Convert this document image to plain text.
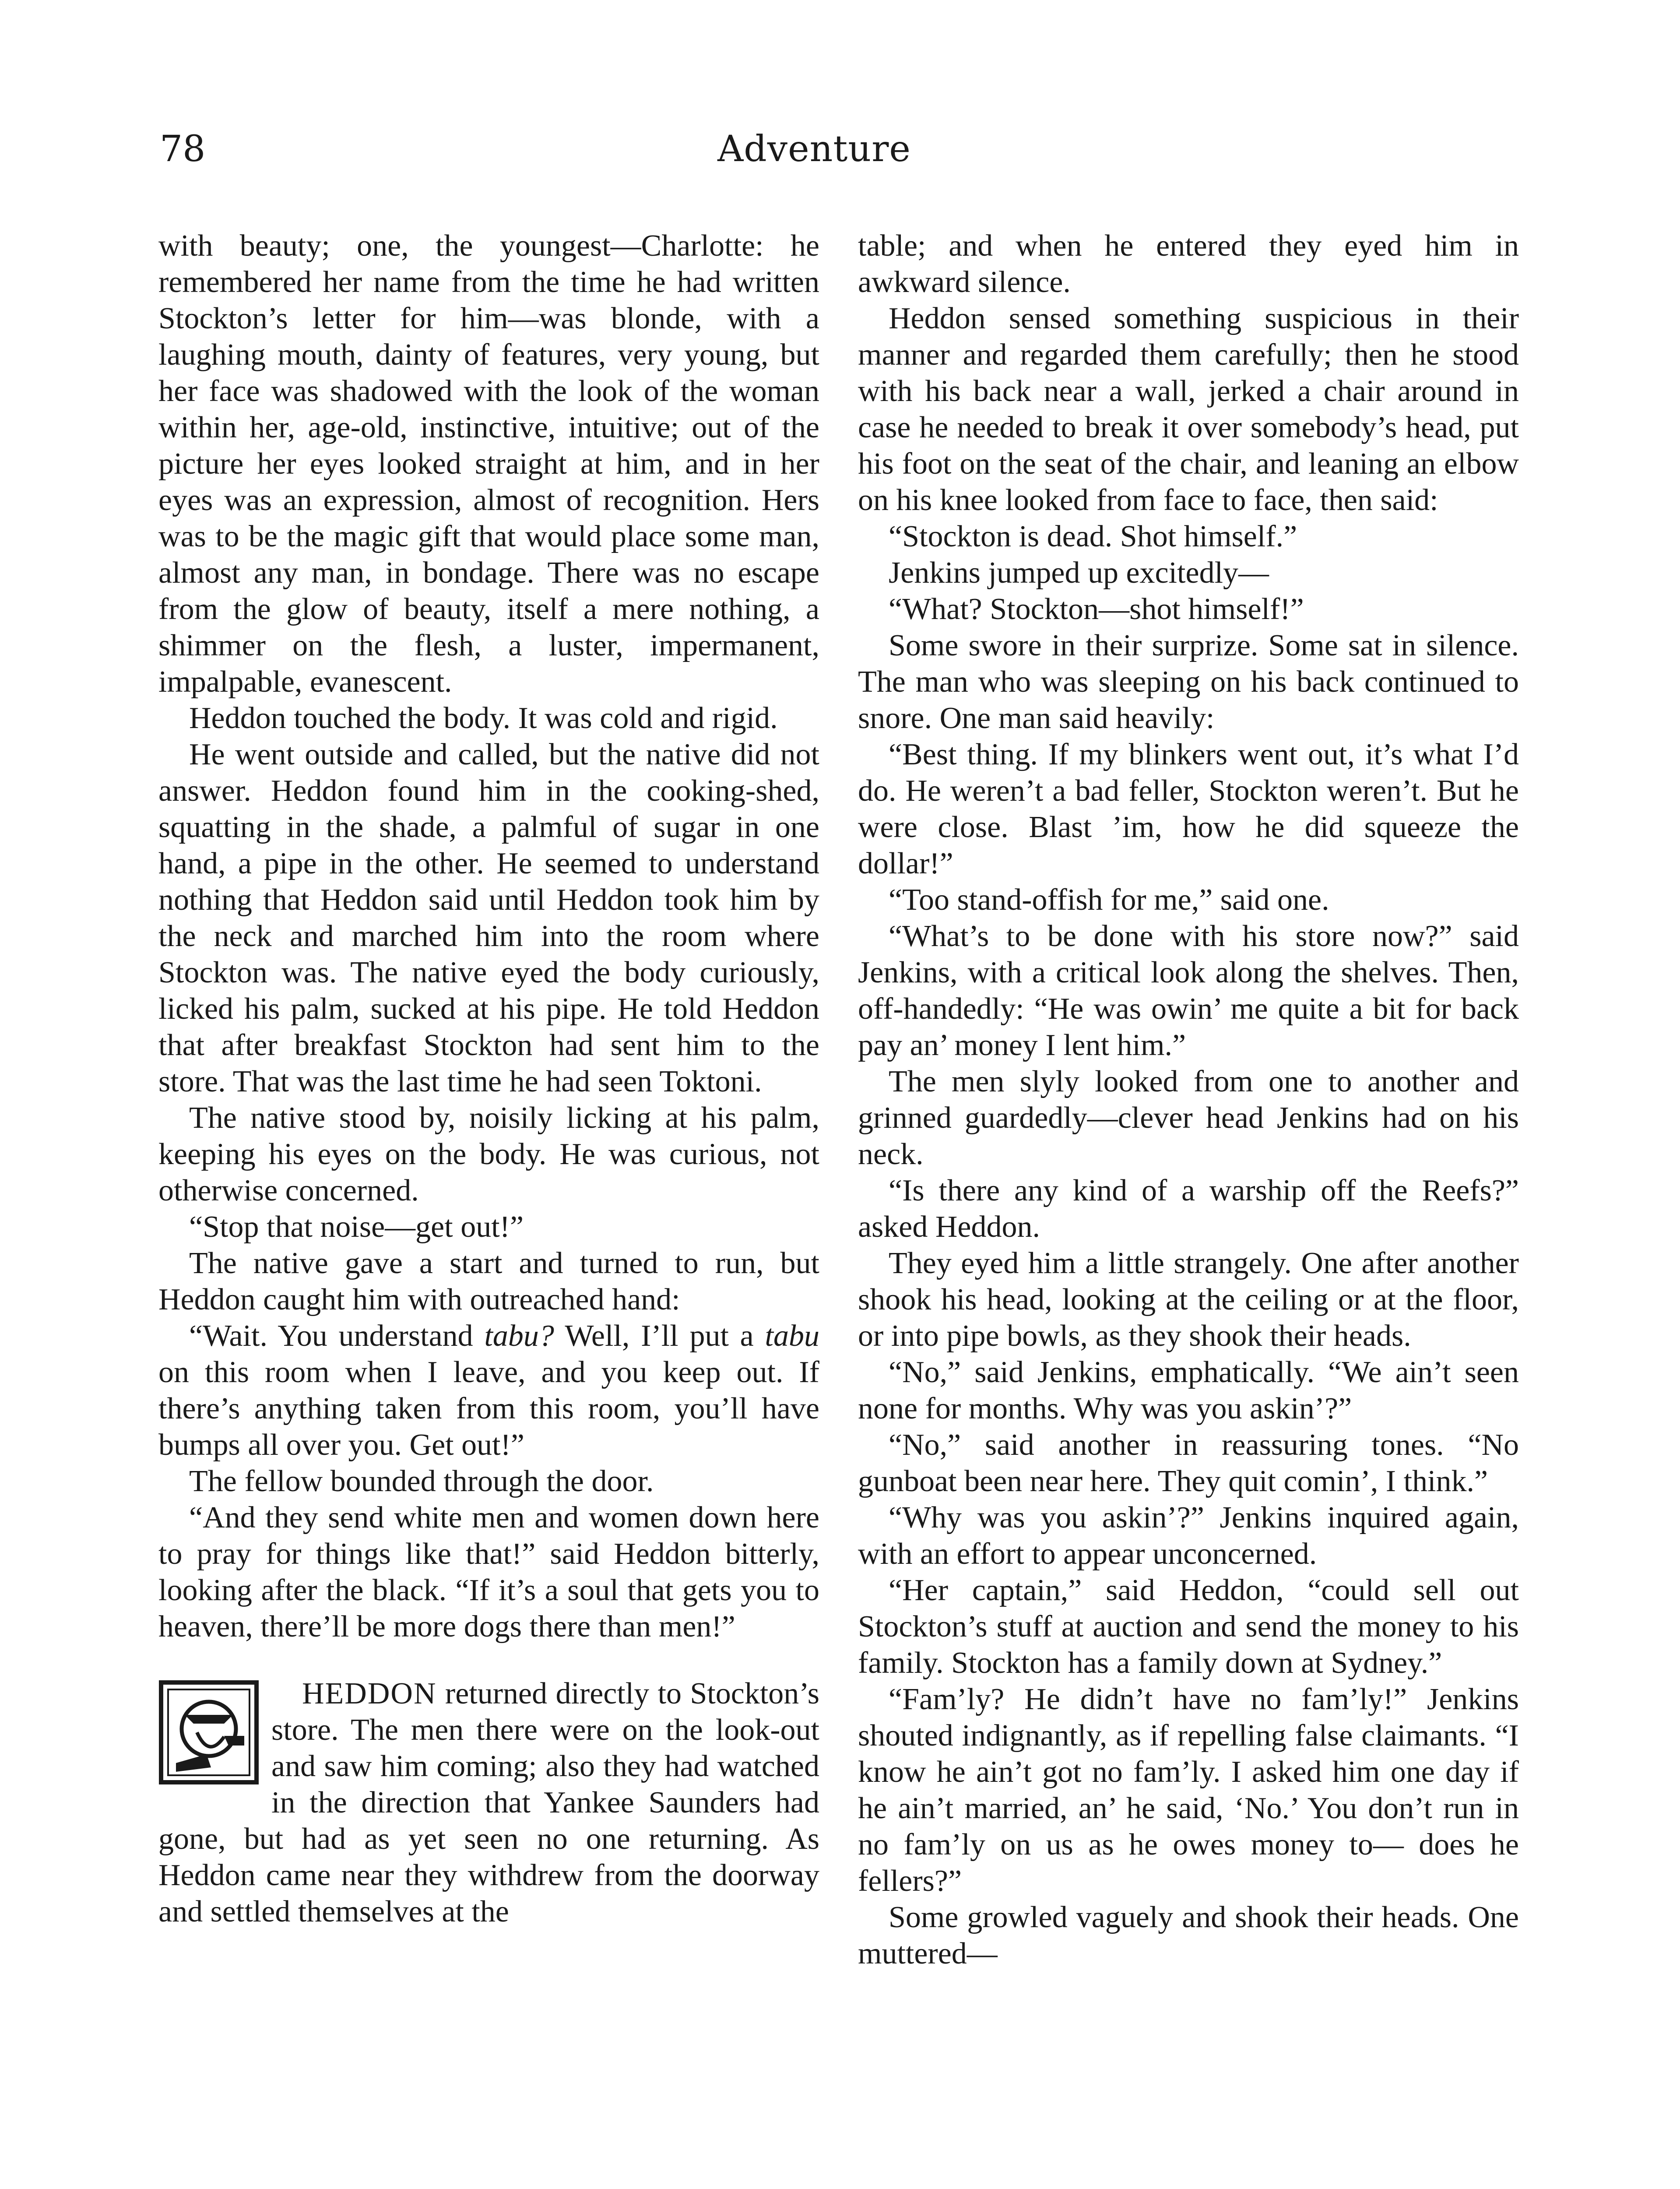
78	Adventure

with beauty; one, the youngest—Charlotte: he remembered her name from the time he had written Stockton’s letter for him—was blonde, with a laughing mouth, dainty of features, very young, but her face was shadowed with the look of the woman within her, age-old, instinctive, intuitive; out of the picture her eyes looked straight at him, and in her eyes was an expression, almost of recognition. Hers was to be the magic gift that would place some man, almost any man, in bondage. There was no escape from the glow of beauty, itself a mere nothing, a shimmer on the flesh, a luster, impermanent, impalpable, evanescent.

Heddon touched the body. It was cold and rigid.

He went outside and called, but the native did not answer. Heddon found him in the cooking-shed, squatting in the shade, a palmful of sugar in one hand, a pipe in the other. He seemed to understand nothing that Heddon said until Heddon took him by the neck and marched him into the room where Stockton was. The native eyed the body curiously, licked his palm, sucked at his pipe. He told Heddon that after breakfast Stockton had sent him to the store. That was the last time he had seen Toktoni.

The native stood by, noisily licking at his palm, keeping his eyes on the body. He was curious, not otherwise concerned.

“Stop that noise—get out!”

The native gave a start and turned to run, but Heddon caught him with outreached hand:

“Wait. You understand tabu? Well, I’ll put a tabu on this room when I leave, and you keep out. If there’s anything taken from this room, you’ll have bumps all over you. Get out!”

The fellow bounded through the door.

“And they send white men and women down here to pray for things like that!” said Heddon bitterly, looking after the black. “If it’s a soul that gets you to heaven, there’ll be more dogs there than men!”

HEDDON returned directly to Stockton’s store. The men there were on the look-out and saw him coming; also they had watched in the direction that Yankee Saunders had gone, but had as yet seen no one returning. As Heddon came near they withdrew from the doorway and settled themselves at the

table; and when he entered they eyed him in awkward silence.

Heddon sensed something suspicious in their manner and regarded them carefully; then he stood with his back near a wall, jerked a chair around in case he needed to break it over somebody’s head, put his foot on the seat of the chair, and leaning an elbow on his knee looked from face to face, then said:

“Stockton is dead. Shot himself.”

Jenkins jumped up excitedly—

“What? Stockton—shot himself!”

Some swore in their surprize. Some sat in silence. The man who was sleeping on his back continued to snore. One man said heavily:

“Best thing. If my blinkers went out, it’s what I’d do. He weren’t a bad feller, Stockton weren’t. But he were close. Blast ’im, how he did squeeze the dollar!”

“Too stand-offish for me,” said one.

“What’s to be done with his store now?” said Jenkins, with a critical look along the shelves. Then, off-handedly: “He was owin’ me quite a bit for back pay an’ money I lent him.”

The men slyly looked from one to another and grinned guardedly—clever head Jenkins had on his neck.

“Is there any kind of a warship off the Reefs?” asked Heddon.

They eyed him a little strangely. One after another shook his head, looking at the ceiling or at the floor, or into pipe bowls, as they shook their heads.

“No,” said Jenkins, emphatically. “We ain’t seen none for months. Why was you askin’?”

“No,” said another in reassuring tones. “No gunboat been near here. They quit comin’, I think.”

“Why was you askin’?” Jenkins inquired again, with an effort to appear unconcerned.

“Her captain,” said Heddon, “could sell out Stockton’s stuff at auction and send the money to his family. Stockton has a family down at Sydney.”

“Fam’ly? He didn’t have no fam’ly!” Jenkins shouted indignantly, as if repelling false claimants. “I know he ain’t got no fam’ly. I asked him one day if he ain’t married, an’ he said, ‘No.’ You don’t run in no fam’ly on us as he owes money to— does he fellers?”

Some growled vaguely and shook their heads. One muttered—
